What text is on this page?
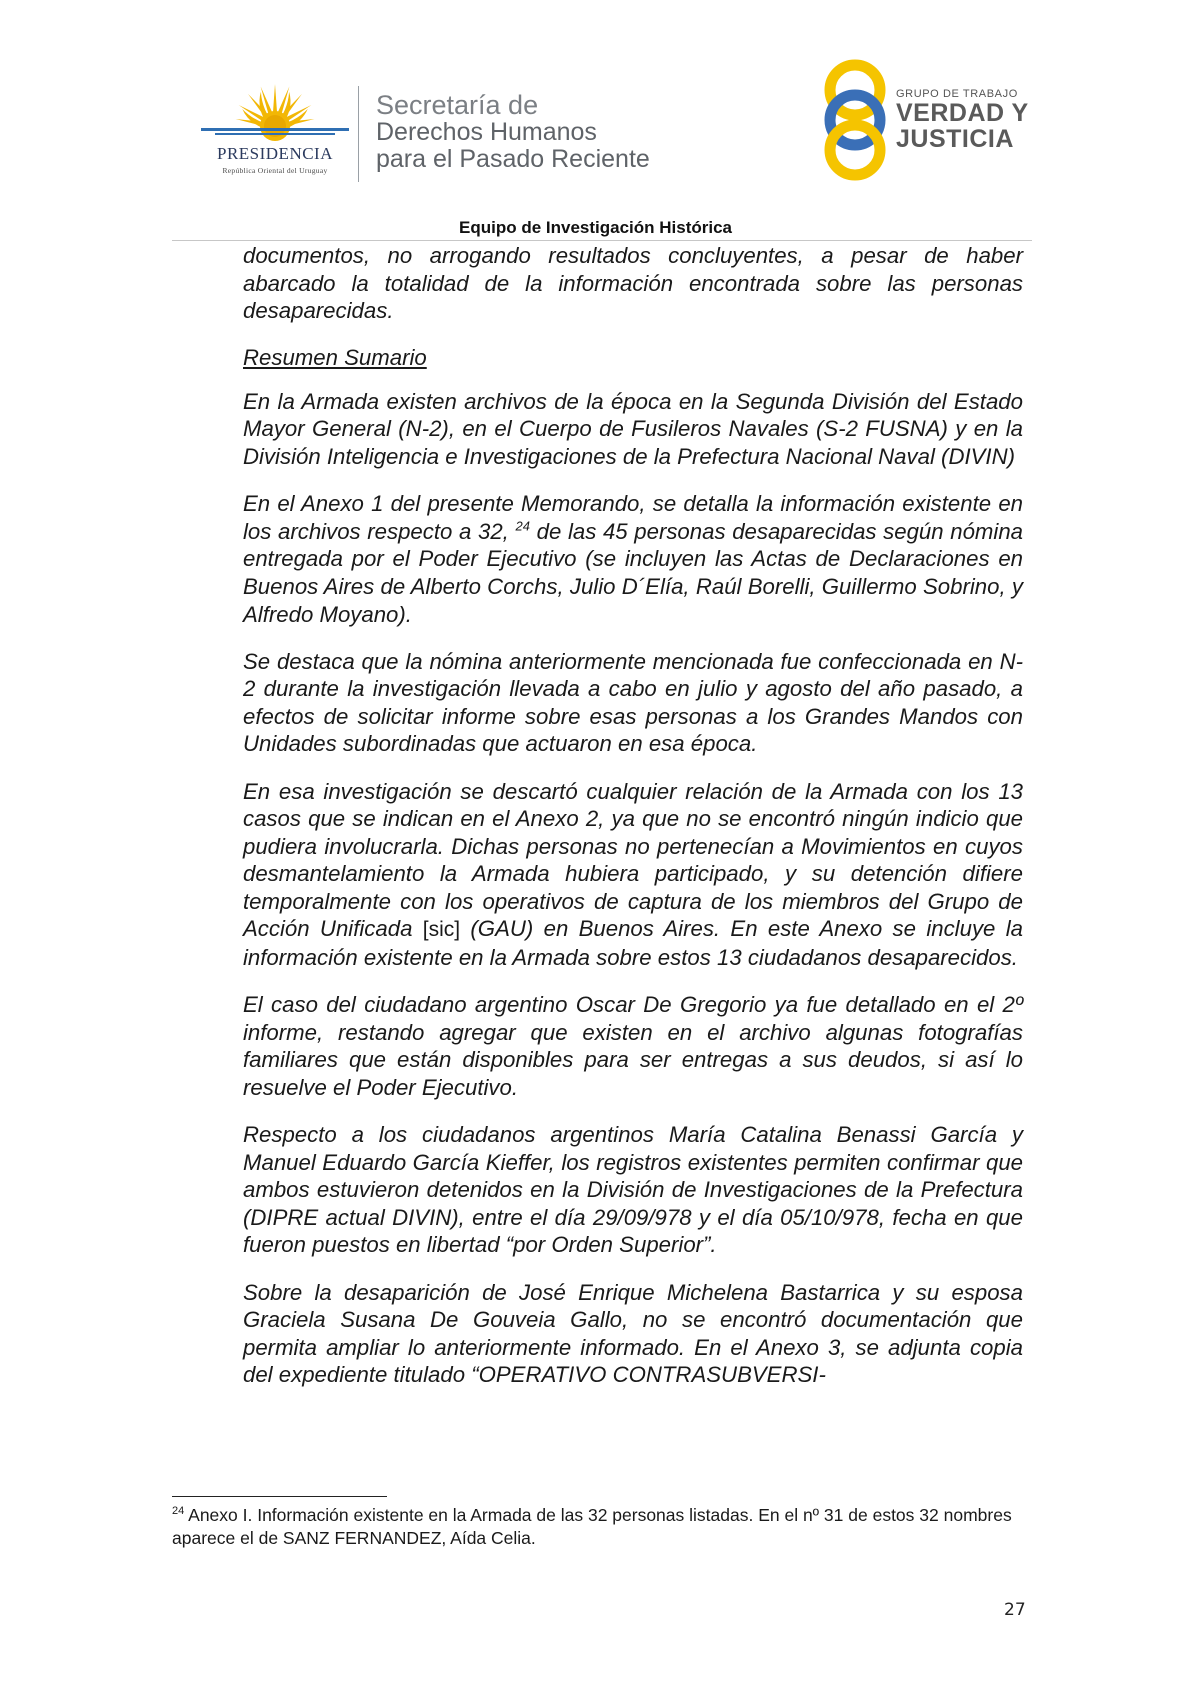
PRESIDENCIA
República Oriental del Uruguay
Secretaría de
Derechos Humanos
para el Pasado Reciente
GRUPO DE TRABAJO
VERDAD Y
JUSTICIA
Equipo de Investigación Histórica

documentos, no arrogando resultados concluyentes, a pesar de haber abarcado la totalidad de la información encontrada sobre las personas desaparecidas.

Resumen Sumario

En la Armada existen archivos de la época en la Segunda División del Estado Mayor General (N-2), en el Cuerpo de Fusileros Navales (S-2 FUSNA) y en la División Inteligencia e Investigaciones de la Prefectura Nacional Naval (DIVIN)

En el Anexo 1 del presente Memorando, se detalla la información existente en los archivos respecto a 32, $^{24}$ de las 45 personas desaparecidas según nómina entregada por el Poder Ejecutivo (se incluyen las Actas de Declaraciones en Buenos Aires de Alberto Corchs, Julio D´Elía, Raúl Borelli, Guillermo Sobrino, y Alfredo Moyano).

Se destaca que la nómina anteriormente mencionada fue confeccionada en N-2 durante la investigación llevada a cabo en julio y agosto del año pasado, a efectos de solicitar informe sobre esas personas a los Grandes Mandos con Unidades subordinadas que actuaron en esa época.

En esa investigación se descartó cualquier relación de la Armada con los 13 casos que se indican en el Anexo 2, ya que no se encontró ningún indicio que pudiera involucrarla. Dichas personas no pertenecían a Movimientos en cuyos desmantelamiento la Armada hubiera participado, y su detención difiere temporalmente con los operativos de captura de los miembros del Grupo de Acción Unificada [sic] (GAU) en Buenos Aires. En este Anexo se incluye la información existente en la Armada sobre estos 13 ciudadanos desaparecidos.

El caso del ciudadano argentino Oscar De Gregorio ya fue detallado en el 2º informe, restando agregar que existen en el archivo algunas fotografías familiares que están disponibles para ser entregas a sus deudos, si así lo resuelve el Poder Ejecutivo.

Respecto a los ciudadanos argentinos María Catalina Benassi García y Manuel Eduardo García Kieffer, los registros existentes permiten confirmar que ambos estuvieron detenidos en la División de Investigaciones de la Prefectura (DIPRE actual DIVIN), entre el día 29/09/978 y el día 05/10/978, fecha en que fueron puestos en libertad “por Orden Superior”.

Sobre la desaparición de José Enrique Michelena Bastarrica y su esposa Graciela Susana De Gouveia Gallo, no se encontró documentación que permita ampliar lo anteriormente informado. En el Anexo 3, se adjunta copia del expediente titulado “OPERATIVO CONTRASUBVERSI-

$^{24}$ Anexo I. Información existente en la Armada de las 32 personas listadas. En el nº 31 de estos 32 nombres aparece el de SANZ FERNANDEZ, Aída Celia.
27
